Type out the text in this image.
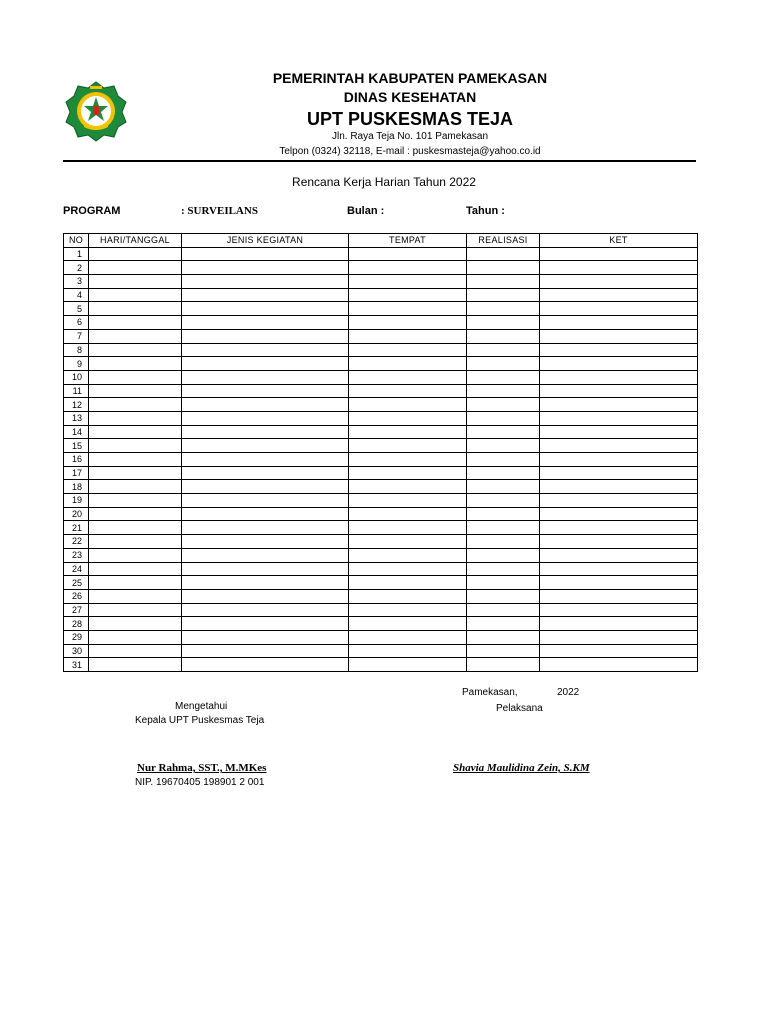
PEMERINTAH KABUPATEN PAMEKASAN
DINAS KESEHATAN
UPT PUSKESMAS TEJA
Jln. Raya Teja No. 101 Pamekasan
Telpon (0324) 32118, E-mail : puskesmasteja@yahoo.co.id
Rencana Kerja Harian Tahun 2022
PROGRAM	: SURVEILANS	Bulan :	Tahun :
NO	HARI/TANGGAL	JENIS KEGIATAN	TEMPAT	REALISASI	KET
1					
2					
3					
4					
5					
6					
7					
8					
9					
10					
11					
12					
13					
14					
15					
16					
17					
18					
19					
20					
21					
22					
23					
24					
25					
26					
27					
28					
29					
30					
31					
Pamekasan,	2022
Pelaksana
Mengetahui
Kepala UPT Puskesmas Teja
Nur Rahma, SST., M.MKes
NIP. 19670405 198901 2 001
Shavia Maulidina Zein, S.KM
